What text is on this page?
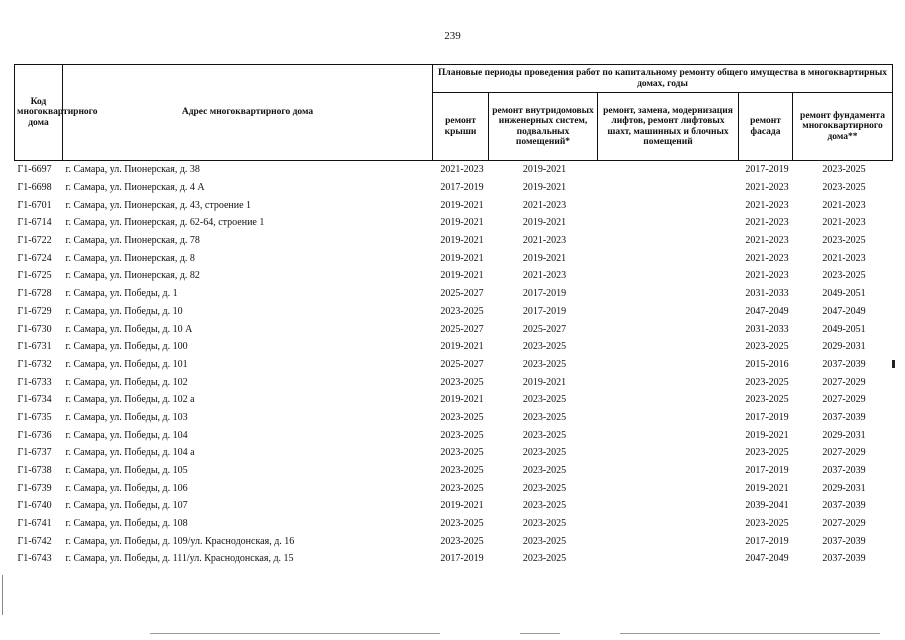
239
Код многоквартирного дома	Адрес многоквартирного дома	Плановые периоды проведения работ по капитальному ремонту общего имущества в многоквартирных домах, годы				
		ремонт крыши	ремонт внутридомовых инженерных систем, подвальных помещений*	ремонт, замена, модернизация лифтов, ремонт лифтовых шахт, машинных и блочных помещений	ремонт фасада	ремонт фундамента многоквартирного дома**
Г1-6697	г. Самара, ул. Пионерская, д. 38	2021-2023	2019-2021		2017-2019	2023-2025
Г1-6698	г. Самара, ул. Пионерская, д. 4 А	2017-2019	2019-2021		2021-2023	2023-2025
Г1-6701	г. Самара, ул. Пионерская, д. 43, строение 1	2019-2021	2021-2023		2021-2023	2021-2023
Г1-6714	г. Самара, ул. Пионерская, д. 62-64, строение 1	2019-2021	2019-2021		2021-2023	2021-2023
Г1-6722	г. Самара, ул. Пионерская, д. 78	2019-2021	2021-2023		2021-2023	2023-2025
Г1-6724	г. Самара, ул. Пионерская, д. 8	2019-2021	2019-2021		2021-2023	2021-2023
Г1-6725	г. Самара, ул. Пионерская, д. 82	2019-2021	2021-2023		2021-2023	2023-2025
Г1-6728	г. Самара, ул. Победы, д. 1	2025-2027	2017-2019		2031-2033	2049-2051
Г1-6729	г. Самара, ул. Победы, д. 10	2023-2025	2017-2019		2047-2049	2047-2049
Г1-6730	г. Самара, ул. Победы, д. 10 А	2025-2027	2025-2027		2031-2033	2049-2051
Г1-6731	г. Самара, ул. Победы, д. 100	2019-2021	2023-2025		2023-2025	2029-2031
Г1-6732	г. Самара, ул. Победы, д. 101	2025-2027	2023-2025		2015-2016	2037-2039
Г1-6733	г. Самара, ул. Победы, д. 102	2023-2025	2019-2021		2023-2025	2027-2029
Г1-6734	г. Самара, ул. Победы, д. 102 а	2019-2021	2023-2025		2023-2025	2027-2029
Г1-6735	г. Самара, ул. Победы, д. 103	2023-2025	2023-2025		2017-2019	2037-2039
Г1-6736	г. Самара, ул. Победы, д. 104	2023-2025	2023-2025		2019-2021	2029-2031
Г1-6737	г. Самара, ул. Победы, д. 104 а	2023-2025	2023-2025		2023-2025	2027-2029
Г1-6738	г. Самара, ул. Победы, д. 105	2023-2025	2023-2025		2017-2019	2037-2039
Г1-6739	г. Самара, ул. Победы, д. 106	2023-2025	2023-2025		2019-2021	2029-2031
Г1-6740	г. Самара, ул. Победы, д. 107	2019-2021	2023-2025		2039-2041	2037-2039
Г1-6741	г. Самара, ул. Победы, д. 108	2023-2025	2023-2025		2023-2025	2027-2029
Г1-6742	г. Самара, ул. Победы, д. 109/ул. Краснодонская, д. 16	2023-2025	2023-2025		2017-2019	2037-2039
Г1-6743	г. Самара, ул. Победы, д. 111/ул. Краснодонская, д. 15	2017-2019	2023-2025		2047-2049	2037-2039
